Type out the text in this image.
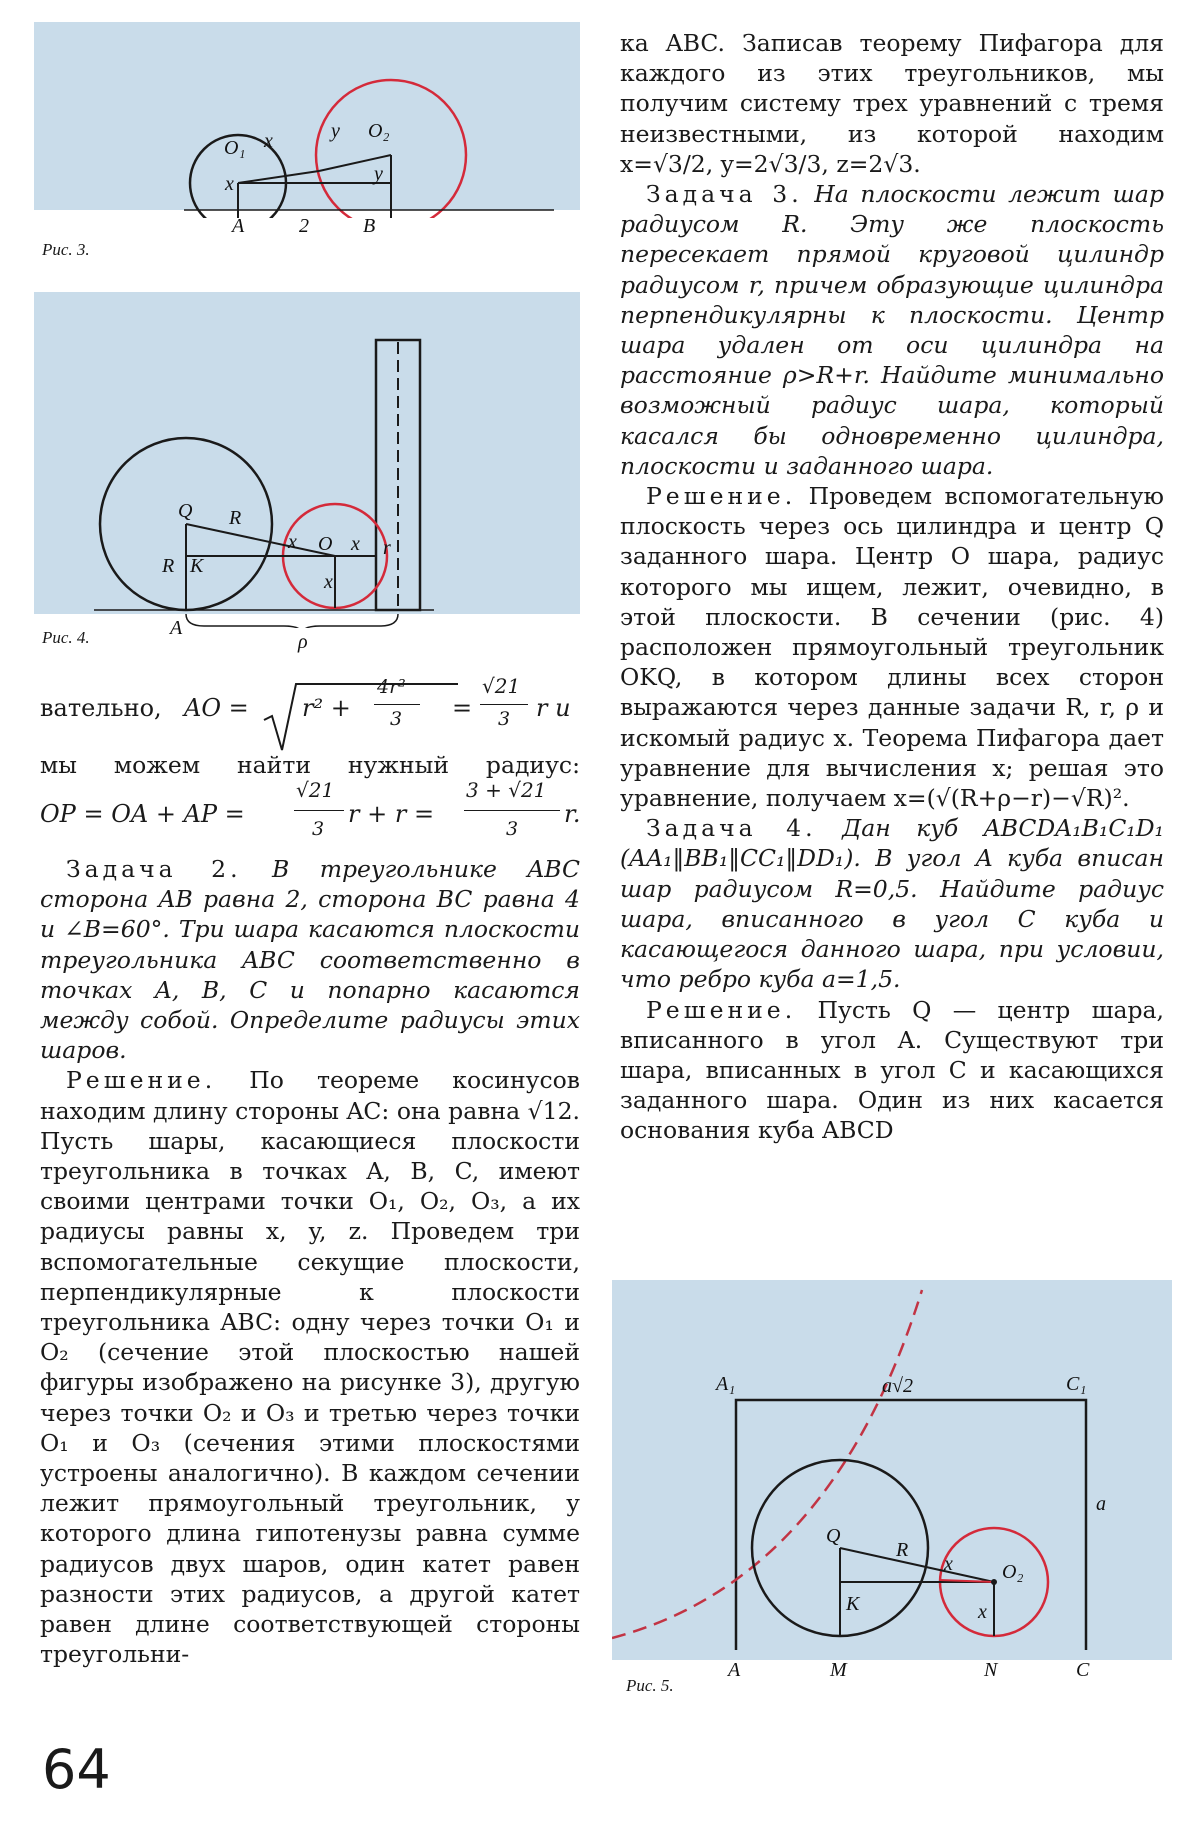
O₁ x
x
y O₂
y
A	2	B
Рис. 3.
Q R
R K
x O x r
x
A
ρ
Рис. 4.
вательно, AO = r² +
4r²
3 =
√21
3 r и
мы можем найти нужный радиус:
OP = OA + AP =
√21
3
r + r =
3 + √21
3
r.

Задача 2. В треугольнике ABC сторона AB равна 2, сторона BC равна 4 и ∠B=60°. Три шара касаются плоскости треугольника ABC соответственно в точках A, B, C и попарно касаются между собой. Определите радиусы этих шаров.

Решение. По теореме косинусов находим длину стороны AC: она равна √12. Пусть шары, касающиеся плоскости треугольника в точках A, B, C, имеют своими центрами точки O₁, O₂, O₃, а их радиусы равны x, y, z. Проведем три вспомогательные секущие плоскости, перпендикулярные к плоскости треугольника ABC: одну через точки O₁ и O₂ (сечение этой плоскостью нашей фигуры изображено на рисунке 3), другую через точки O₂ и O₃ и третью через точки O₁ и O₃ (сечения этими плоскостями устроены аналогично). В каждом сечении лежит прямоугольный треугольник, у которого длина гипотенузы равна сумме радиусов двух шаров, один катет равен разности этих радиусов, а другой катет равен длине соответствующей стороны треугольни-

ка ABC. Записав теорему Пифагора для каждого из этих треугольников, мы получим систему трех уравнений с тремя неизвестными, из которой находим x=√3/2, y=2√3/3, z=2√3.

Задача 3. На плоскости лежит шар радиусом R. Эту же плоскость пересекает прямой круговой цилиндр радиусом r, причем образующие цилиндра перпендикулярны к плоскости. Центр шара удален от оси цилиндра на расстояние ρ>R+r. Найдите минимально возможный радиус шара, который касался бы одновременно цилиндра, плоскости и заданного шара.

Решение. Проведем вспомогательную плоскость через ось цилиндра и центр Q заданного шара. Центр O шара, радиус которого мы ищем, лежит, очевидно, в этой плоскости. В сечении (рис. 4) расположен прямоугольный треугольник OKQ, в котором длины всех сторон выражаются через данные задачи R, r, ρ и искомый радиус x. Теорема Пифагора дает уравнение для вычисления x; решая это уравнение, получаем x=(√(R+ρ−r)−√R)².

Задача 4. Дан куб ABCDA₁B₁C₁D₁ (AA₁‖BB₁‖CC₁‖DD₁). В угол A куба вписан шар радиусом R=0,5. Найдите радиус шара, вписанного в угол C куба и касающегося данного шара, при условии, что ребро куба a=1,5.

Решение. Пусть Q — центр шара, вписанного в угол A. Существуют три шара, вписанных в угол C и касающихся заданного шара. Один из них касается основания куба ABCD

A₁	a√2	C₁
a
Q
R
x O₂
K	x
A	M	N	C
Рис. 5.
64
